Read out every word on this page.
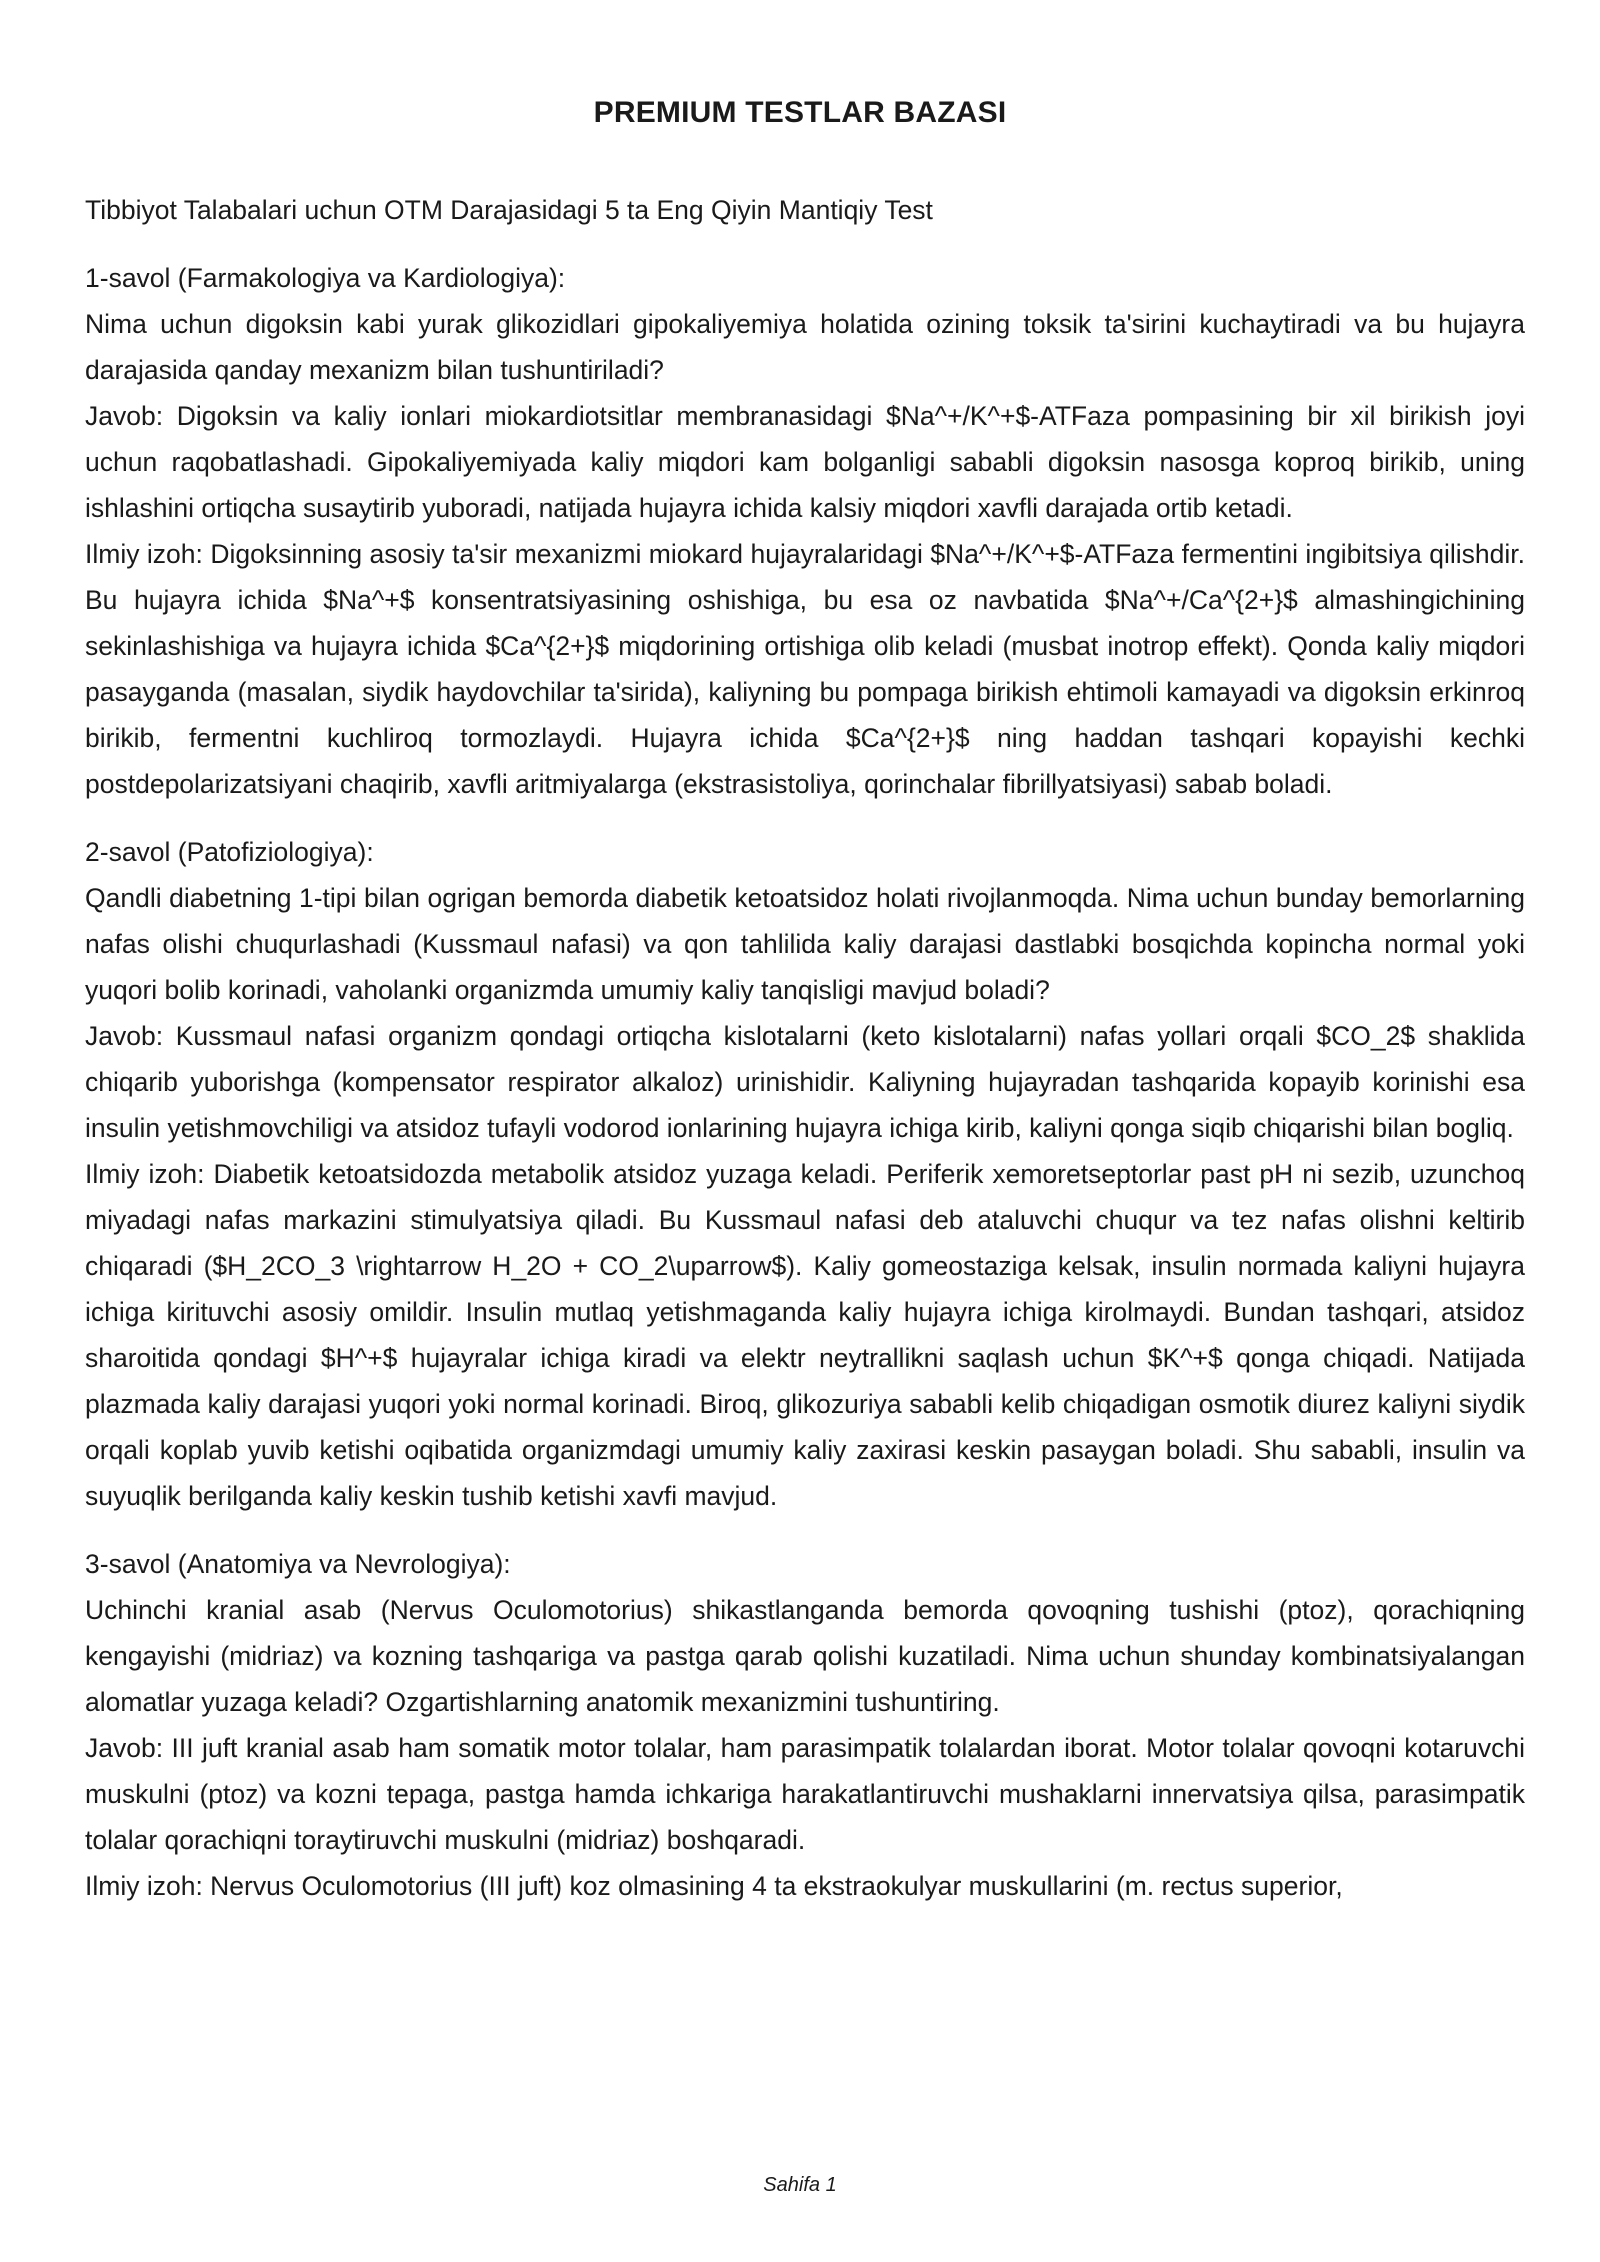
PREMIUM TESTLAR BAZASI

Tibbiyot Talabalari uchun OTM Darajasidagi 5 ta Eng Qiyin Mantiqiy Test

1-savol (Farmakologiya va Kardiologiya):

Nima uchun digoksin kabi yurak glikozidlari gipokaliyemiya holatida ozining toksik ta'sirini kuchaytiradi va bu hujayra darajasida qanday mexanizm bilan tushuntiriladi?

Javob: Digoksin va kaliy ionlari miokardiotsitlar membranasidagi $Na^+/K^+$-ATFaza pompasining bir xil birikish joyi uchun raqobatlashadi. Gipokaliyemiyada kaliy miqdori kam bolganligi sababli digoksin nasosga koproq birikib, uning ishlashini ortiqcha susaytirib yuboradi, natijada hujayra ichida kalsiy miqdori xavfli darajada ortib ketadi.

Ilmiy izoh: Digoksinning asosiy ta'sir mexanizmi miokard hujayralaridagi $Na^+/K^+$-ATFaza fermentini ingibitsiya qilishdir. Bu hujayra ichida $Na^+$ konsentratsiyasining oshishiga, bu esa oz navbatida $Na^+/Ca^{2+}$ almashingichining sekinlashishiga va hujayra ichida $Ca^{2+}$ miqdorining ortishiga olib keladi (musbat inotrop effekt). Qonda kaliy miqdori pasayganda (masalan, siydik haydovchilar ta'sirida), kaliyning bu pompaga birikish ehtimoli kamayadi va digoksin erkinroq birikib, fermentni kuchliroq tormozlaydi. Hujayra ichida $Ca^{2+}$ ning haddan tashqari kopayishi kechki postdepolarizatsiyani chaqirib, xavfli aritmiyalarga (ekstrasistoliya, qorinchalar fibrillyatsiyasi) sabab boladi.

2-savol (Patofiziologiya):

Qandli diabetning 1-tipi bilan ogrigan bemorda diabetik ketoatsidoz holati rivojlanmoqda. Nima uchun bunday bemorlarning nafas olishi chuqurlashadi (Kussmaul nafasi) va qon tahlilida kaliy darajasi dastlabki bosqichda kopincha normal yoki yuqori bolib korinadi, vaholanki organizmda umumiy kaliy tanqisligi mavjud boladi?

Javob: Kussmaul nafasi organizm qondagi ortiqcha kislotalarni (keto kislotalarni) nafas yollari orqali $CO_2$ shaklida chiqarib yuborishga (kompensator respirator alkaloz) urinishidir. Kaliyning hujayradan tashqarida kopayib korinishi esa insulin yetishmovchiligi va atsidoz tufayli vodorod ionlarining hujayra ichiga kirib, kaliyni qonga siqib chiqarishi bilan bogliq.

Ilmiy izoh: Diabetik ketoatsidozda metabolik atsidoz yuzaga keladi. Periferik xemoretseptorlar past pH ni sezib, uzunchoq miyadagi nafas markazini stimulyatsiya qiladi. Bu Kussmaul nafasi deb ataluvchi chuqur va tez nafas olishni keltirib chiqaradi ($H_2CO_3 \rightarrow H_2O + CO_2\uparrow$). Kaliy gomeostaziga kelsak, insulin normada kaliyni hujayra ichiga kirituvchi asosiy omildir. Insulin mutlaq yetishmaganda kaliy hujayra ichiga kirolmaydi. Bundan tashqari, atsidoz sharoitida qondagi $H^+$ hujayralar ichiga kiradi va elektr neytrallikni saqlash uchun $K^+$ qonga chiqadi. Natijada plazmada kaliy darajasi yuqori yoki normal korinadi. Biroq, glikozuriya sababli kelib chiqadigan osmotik diurez kaliyni siydik orqali koplab yuvib ketishi oqibatida organizmdagi umumiy kaliy zaxirasi keskin pasaygan boladi. Shu sababli, insulin va suyuqlik berilganda kaliy keskin tushib ketishi xavfi mavjud.

3-savol (Anatomiya va Nevrologiya):

Uchinchi kranial asab (Nervus Oculomotorius) shikastlanganda bemorda qovoqning tushishi (ptoz), qorachiqning kengayishi (midriaz) va kozning tashqariga va pastga qarab qolishi kuzatiladi. Nima uchun shunday kombinatsiyalangan alomatlar yuzaga keladi? Ozgartishlarning anatomik mexanizmini tushuntiring.

Javob: III juft kranial asab ham somatik motor tolalar, ham parasimpatik tolalardan iborat. Motor tolalar qovoqni kotaruvchi muskulni (ptoz) va kozni tepaga, pastga hamda ichkariga harakatlantiruvchi mushaklarni innervatsiya qilsa, parasimpatik tolalar qorachiqni toraytiruvchi muskulni (midriaz) boshqaradi.

Ilmiy izoh: Nervus Oculomotorius (III juft) koz olmasining 4 ta ekstraokulyar muskullarini (m. rectus superior,

Sahifa 1
